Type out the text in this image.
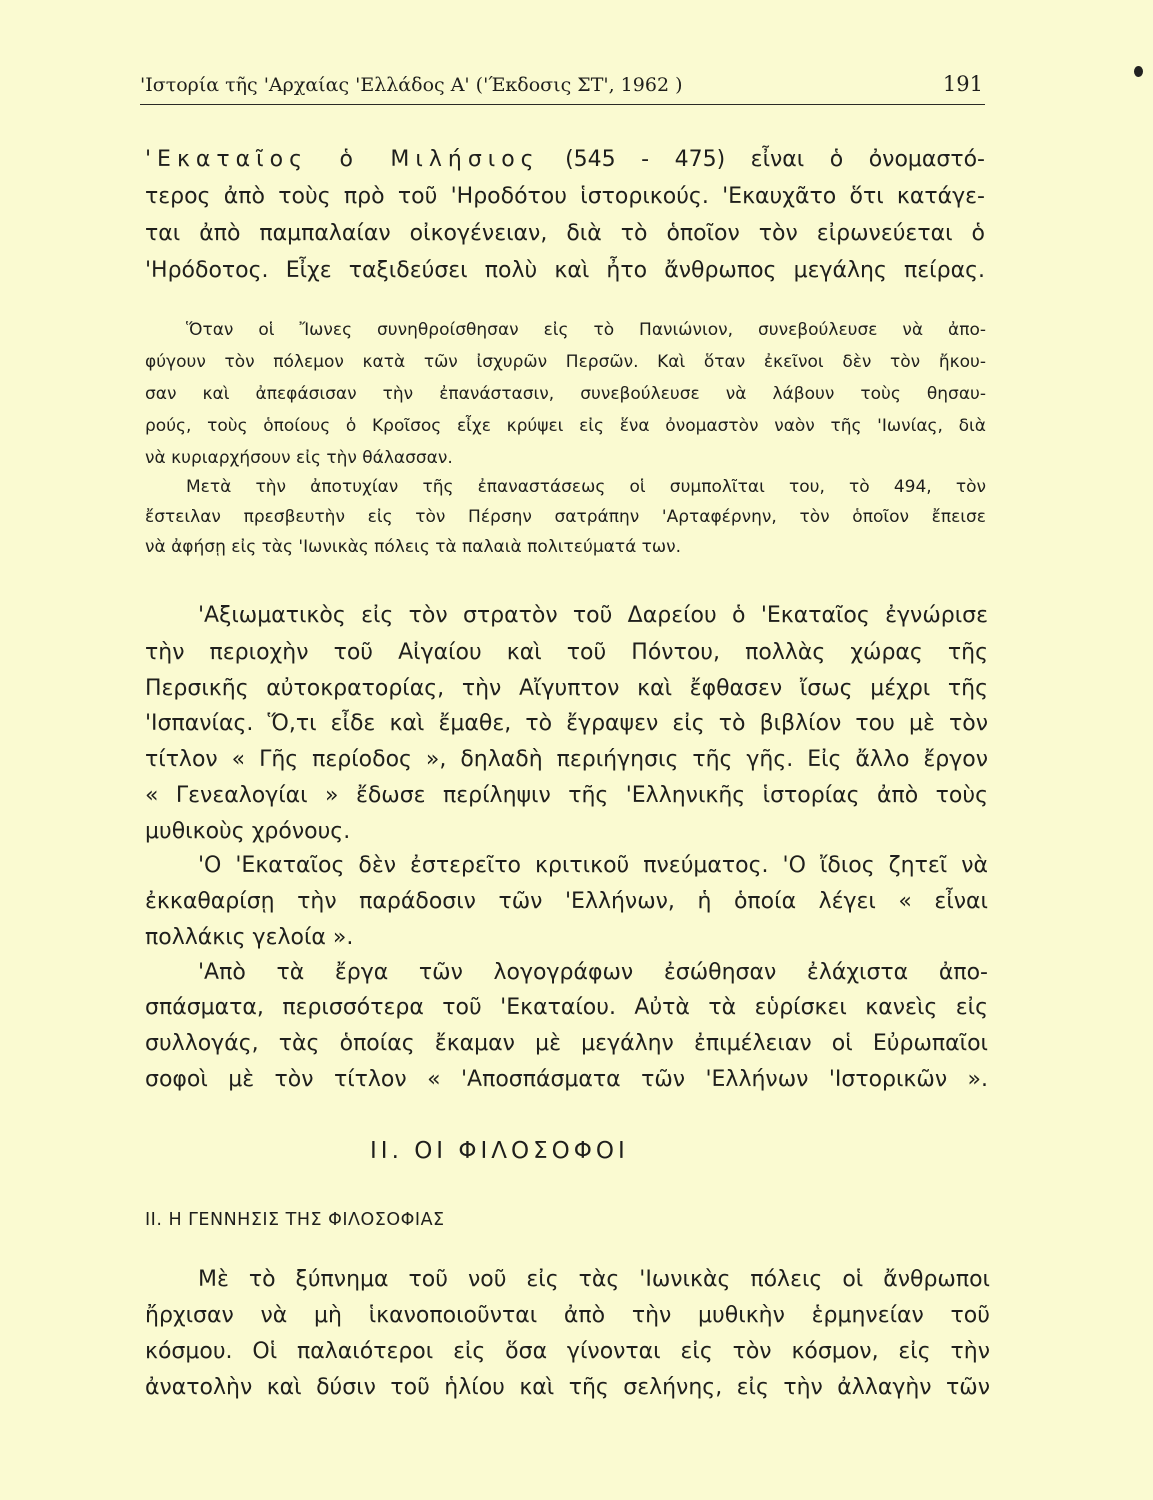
'Ιστορία τῆς 'Αρχαίας 'Ελλάδος Α' ('Έκδοσις ΣΤ', 1962 )	191
'Εκαταῖος ὁ Μιλήσιος (545 - 475) εἶναι ὁ ὀνομαστό-
τερος ἀπὸ τοὺς πρὸ τοῦ 'Ηροδότου ἱστορικούς. 'Εκαυχᾶτο ὅτι κατάγε-
ται ἀπὸ παμπαλαίαν οἰκογένειαν, διὰ τὸ ὁποῖον τὸν εἰρωνεύεται ὁ
'Ηρόδοτος. Εἶχε ταξιδεύσει πολὺ καὶ ἦτο ἄνθρωπος μεγάλης πείρας.
Ὅταν οἱ Ἴωνες συνηθροίσθησαν εἰς τὸ Πανιώνιον, συνεβούλευσε νὰ ἀπο-
φύγουν τὸν πόλεμον κατὰ τῶν ἰσχυρῶν Περσῶν. Καὶ ὅταν ἐκεῖνοι δὲν τὸν ἤκου-
σαν καὶ ἀπεφάσισαν τὴν ἐπανάστασιν, συνεβούλευσε νὰ λάβουν τοὺς θησαυ-
ρούς, τοὺς ὁποίους ὁ Κροῖσος εἶχε κρύψει εἰς ἕνα ὀνομαστὸν ναὸν τῆς 'Ιωνίας, διὰ
νὰ κυριαρχήσουν εἰς τὴν θάλασσαν.
Μετὰ τὴν ἀποτυχίαν τῆς ἐπαναστάσεως οἱ συμπολῖται του, τὸ 494, τὸν
ἔστειλαν πρεσβευτὴν εἰς τὸν Πέρσην σατράπην 'Αρταφέρνην, τὸν ὁποῖον ἔπεισε
νὰ ἀφήσῃ εἰς τὰς 'Ιωνικὰς πόλεις τὰ παλαιὰ πολιτεύματά των.
'Αξιωματικὸς εἰς τὸν στρατὸν τοῦ Δαρείου ὁ 'Εκαταῖος ἐγνώρισε
τὴν περιοχὴν τοῦ Αἰγαίου καὶ τοῦ Πόντου, πολλὰς χώρας τῆς
Περσικῆς αὐτοκρατορίας, τὴν Αἴγυπτον καὶ ἔφθασεν ἴσως μέχρι τῆς
'Ισπανίας. Ὅ,τι εἶδε καὶ ἔμαθε, τὸ ἔγραψεν εἰς τὸ βιβλίον του μὲ τὸν
τίτλον « Γῆς περίοδος », δηλαδὴ περιήγησις τῆς γῆς. Εἰς ἄλλο ἔργον
« Γενεαλογίαι » ἔδωσε περίληψιν τῆς 'Ελληνικῆς ἱστορίας ἀπὸ τοὺς
μυθικοὺς χρόνους.
'Ο 'Εκαταῖος δὲν ἐστερεῖτο κριτικοῦ πνεύματος. 'Ο ἴδιος ζητεῖ νὰ
ἐκκαθαρίσῃ τὴν παράδοσιν τῶν 'Ελλήνων, ἡ ὁποία λέγει « εἶναι
πολλάκις γελοία ».
'Απὸ τὰ ἔργα τῶν λογογράφων ἐσώθησαν ἐλάχιστα ἀπο-
σπάσματα, περισσότερα τοῦ 'Εκαταίου. Αὐτὰ τὰ εὑρίσκει κανεὶς εἰς
συλλογάς, τὰς ὁποίας ἔκαμαν μὲ μεγάλην ἐπιμέλειαν οἱ Εὐρωπαῖοι
σοφοὶ μὲ τὸν τίτλον « 'Αποσπάσματα τῶν 'Ελλήνων 'Ιστορικῶν ».
ΙΙ. ΟΙ ΦΙΛΟΣΟΦΟΙ
ΙΙ. Η ΓΕΝΝΗΣΙΣ ΤΗΣ ΦΙΛΟΣΟΦΙΑΣ
Μὲ τὸ ξύπνημα τοῦ νοῦ εἰς τὰς 'Ιωνικὰς πόλεις οἱ ἄνθρωποι
ἤρχισαν νὰ μὴ ἱκανοποιοῦνται ἀπὸ τὴν μυθικὴν ἑρμηνείαν τοῦ
κόσμου. Οἱ παλαιότεροι εἰς ὅσα γίνονται εἰς τὸν κόσμον, εἰς τὴν
ἀνατολὴν καὶ δύσιν τοῦ ἡλίου καὶ τῆς σελήνης, εἰς τὴν ἀλλαγὴν τῶν
